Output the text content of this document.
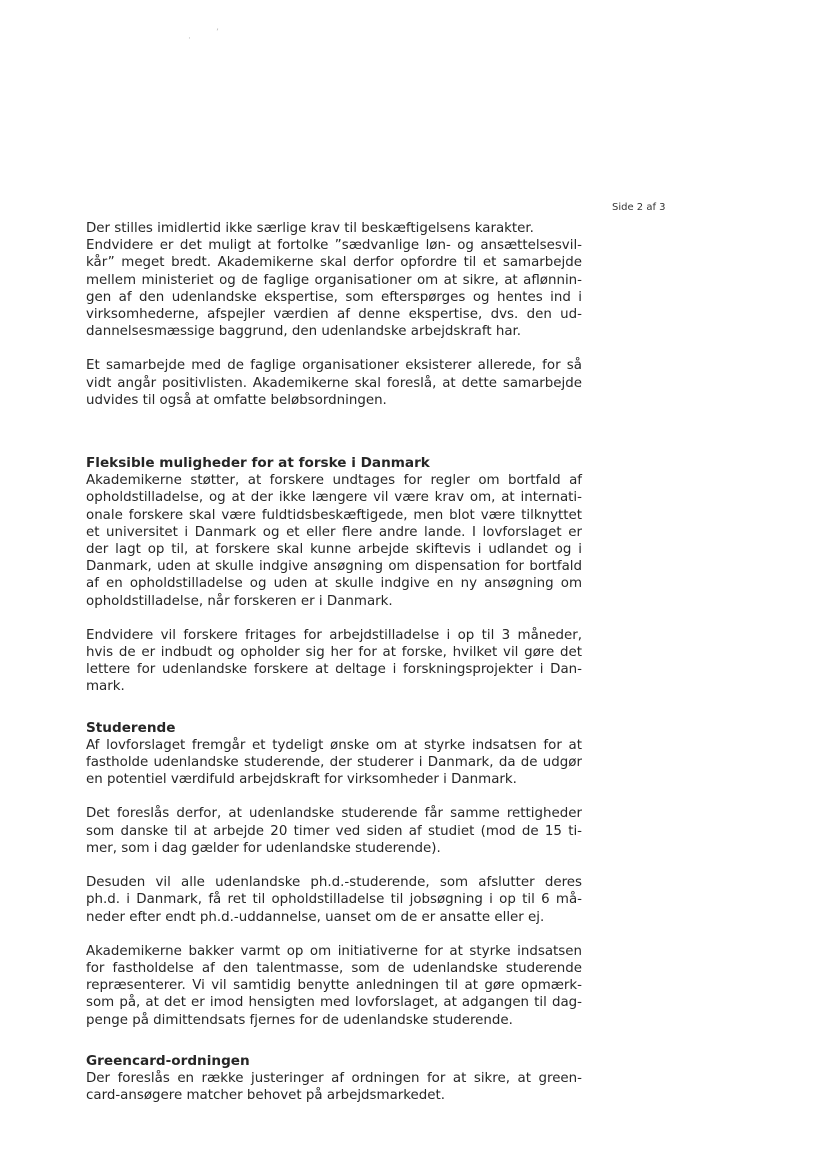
·
ʼ
Side 2 af 3
Der stilles imidlertid ikke særlige krav til beskæftigelsens karakter.
Endvidere er det muligt at fortolke ”sædvanlige løn- og ansættelsesvil-
kår” meget bredt. Akademikerne skal derfor opfordre til et samarbejde
mellem ministeriet og de faglige organisationer om at sikre, at aflønnin-
gen af den udenlandske ekspertise, som efterspørges og hentes ind i
virksomhederne, afspejler værdien af denne ekspertise, dvs. den ud-
dannelsesmæssige baggrund, den udenlandske arbejdskraft har.
Et samarbejde med de faglige organisationer eksisterer allerede, for så
vidt angår positivlisten. Akademikerne skal foreslå, at dette samarbejde
udvides til også at omfatte beløbsordningen.
Fleksible muligheder for at forske i Danmark
Akademikerne støtter, at forskere undtages for regler om bortfald af
opholdstilladelse, og at der ikke længere vil være krav om, at internati-
onale forskere skal være fuldtidsbeskæftigede, men blot være tilknyttet
et universitet i Danmark og et eller flere andre lande. I lovforslaget er
der lagt op til, at forskere skal kunne arbejde skiftevis i udlandet og i
Danmark, uden at skulle indgive ansøgning om dispensation for bortfald
af en opholdstilladelse og uden at skulle indgive en ny ansøgning om
opholdstilladelse, når forskeren er i Danmark.
Endvidere vil forskere fritages for arbejdstilladelse i op til 3 måneder,
hvis de er indbudt og opholder sig her for at forske, hvilket vil gøre det
lettere for udenlandske forskere at deltage i forskningsprojekter i Dan-
mark.
Studerende
Af lovforslaget fremgår et tydeligt ønske om at styrke indsatsen for at
fastholde udenlandske studerende, der studerer i Danmark, da de udgør
en potentiel værdifuld arbejdskraft for virksomheder i Danmark.
Det foreslås derfor, at udenlandske studerende får samme rettigheder
som danske til at arbejde 20 timer ved siden af studiet (mod de 15 ti-
mer, som i dag gælder for udenlandske studerende).
Desuden vil alle udenlandske ph.d.-studerende, som afslutter deres
ph.d. i Danmark, få ret til opholdstilladelse til jobsøgning i op til 6 må-
neder efter endt ph.d.-uddannelse, uanset om de er ansatte eller ej.
Akademikerne bakker varmt op om initiativerne for at styrke indsatsen
for fastholdelse af den talentmasse, som de udenlandske studerende
repræsenterer. Vi vil samtidig benytte anledningen til at gøre opmærk-
som på, at det er imod hensigten med lovforslaget, at adgangen til dag-
penge på dimittendsats fjernes for de udenlandske studerende.
Greencard-ordningen
Der foreslås en række justeringer af ordningen for at sikre, at green-
card-ansøgere matcher behovet på arbejdsmarkedet.
